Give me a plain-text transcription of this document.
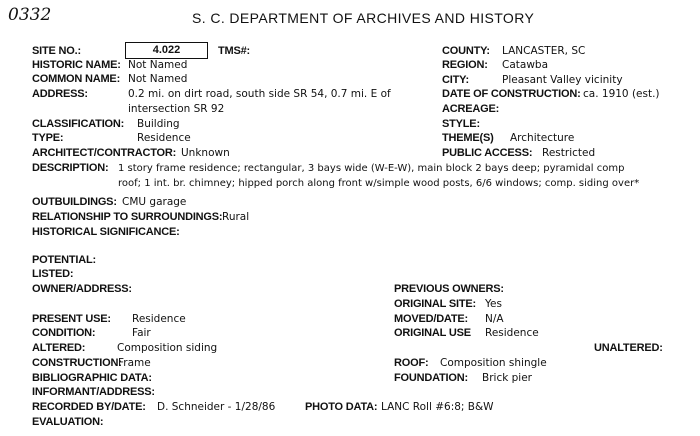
0332	S. C. DEPARTMENT OF ARCHIVES AND HISTORY
SITE NO.:	4.022	TMS#:
HISTORIC NAME: Not Named
COMMON NAME: Not Named
ADDRESS:	0.2 mi. on dirt road, south side SR 54, 0.7 mi. E of
intersection SR 92
CLASSIFICATION: Building
TYPE:	Residence
ARCHITECT/CONTRACTOR: Unknown
DESCRIPTION: 1 story frame residence; rectangular, 3 bays wide (W-E-W), main block 2 bays deep; pyramidal comp
roof; 1 int. br. chimney; hipped porch along front w/simple wood posts, 6/6 windows; comp. siding over*
OUTBUILDINGS: CMU garage
RELATIONSHIP TO SURROUNDINGS: Rural
HISTORICAL SIGNIFICANCE:
POTENTIAL:
LISTED:
OWNER/ADDRESS:
PRESENT USE: Residence
CONDITION:	Fair
ALTERED:	Composition siding
CONSTRUCTION:
Frame
BIBLIOGRAPHIC DATA:
INFORMANT/ADDRESS:
RECORDED BY/DATE: D. Schneider - 1/28/86	PHOTO DATA: LANC Roll #6:8; B&W
EVALUATION:
COUNTY: LANCASTER, SC
REGION: Catawba
CITY:	Pleasant Valley vicinity
DATE OF CONSTRUCTION: ca. 1910 (est.)
ACREAGE:
STYLE:
THEME(S) Architecture
PUBLIC ACCESS: Restricted
PREVIOUS OWNERS:
ORIGINAL SITE: Yes
MOVED/DATE: N/A
ORIGINAL USE Residence
UNALTERED:
ROOF: Composition shingle
FOUNDATION: Brick pier
